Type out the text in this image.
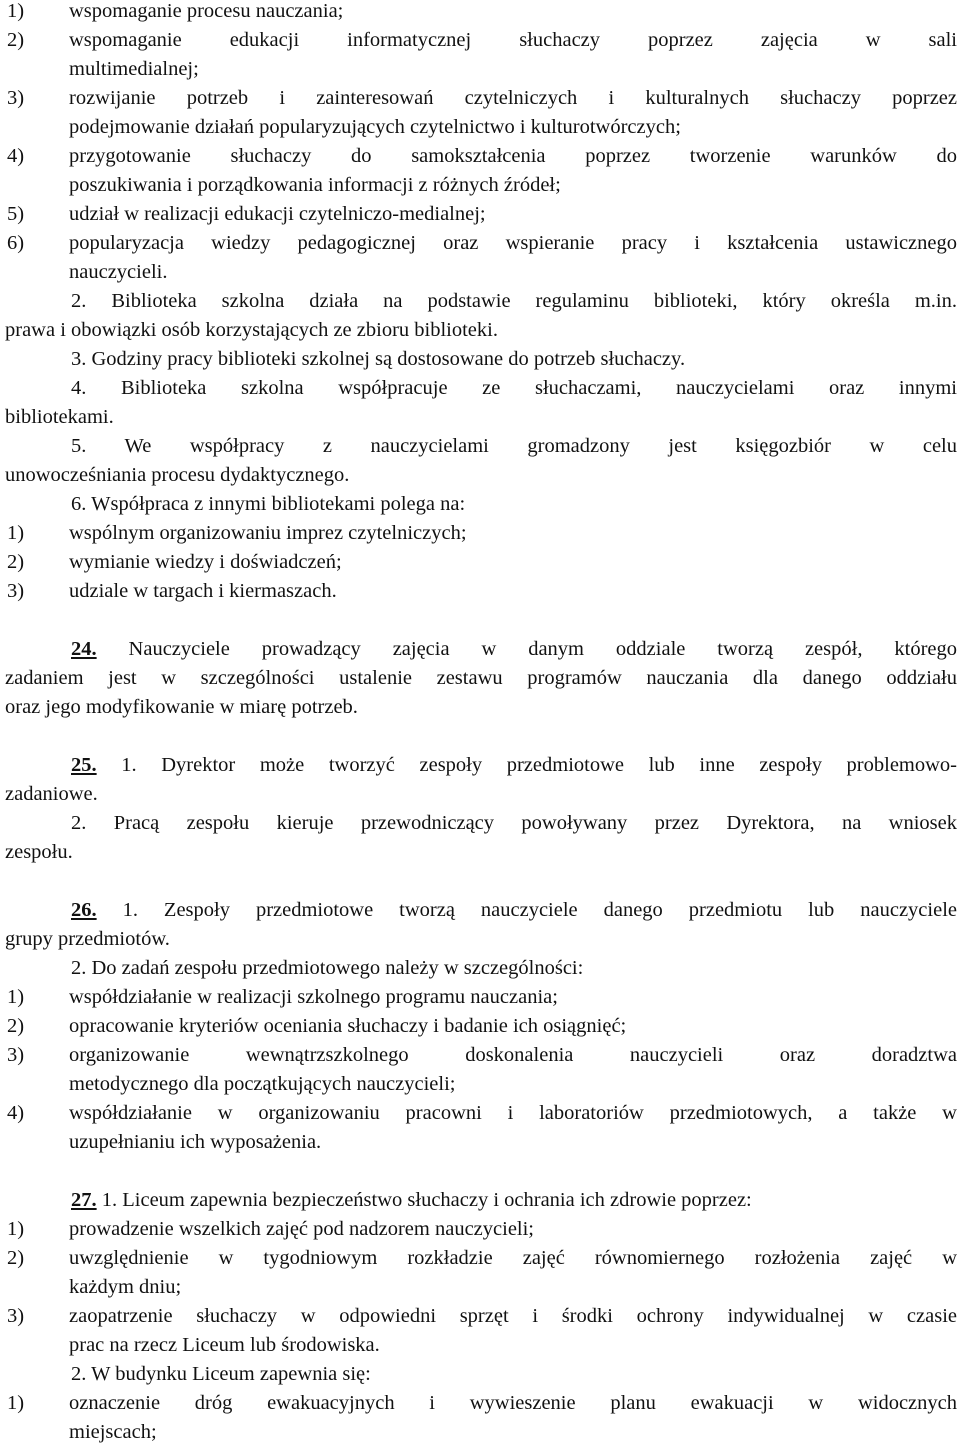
1) wspomaganie procesu nauczania;
2) wspomaganie edukacji informatycznej słuchaczy poprzez zajęcia w sali
multimedialnej;
3) rozwijanie potrzeb i zainteresowań czytelniczych i kulturalnych słuchaczy poprzez
podejmowanie działań popularyzujących czytelnictwo i kulturotwórczych;
4) przygotowanie słuchaczy do samokształcenia poprzez tworzenie warunków do
poszukiwania i porządkowania informacji z różnych źródeł;
5) udział w realizacji edukacji czytelniczo-medialnej;
6) popularyzacja wiedzy pedagogicznej oraz wspieranie pracy i kształcenia ustawicznego
nauczycieli.
2. Biblioteka szkolna działa na podstawie regulaminu biblioteki, który określa m.in.
prawa i obowiązki osób korzystających ze zbioru biblioteki.
3. Godziny pracy biblioteki szkolnej są dostosowane do potrzeb słuchaczy.
4. Biblioteka szkolna współpracuje ze słuchaczami, nauczycielami oraz innymi
bibliotekami.
5. We współpracy z nauczycielami gromadzony jest księgozbiór w celu
unowocześniania procesu dydaktycznego.
6. Współpraca z innymi bibliotekami polega na:
1) wspólnym organizowaniu imprez czytelniczych;
2) wymianie wiedzy i doświadczeń;
3) udziale w targach i kiermaszach.
24. Nauczyciele prowadzący zajęcia w danym oddziale tworzą zespół, którego
zadaniem jest w szczególności ustalenie zestawu programów nauczania dla danego oddziału
oraz jego modyfikowanie w miarę potrzeb.
25. 1. Dyrektor może tworzyć zespoły przedmiotowe lub inne zespoły problemowo-
zadaniowe.
2. Pracą zespołu kieruje przewodniczący powoływany przez Dyrektora, na wniosek
zespołu.
26. 1. Zespoły przedmiotowe tworzą nauczyciele danego przedmiotu lub nauczyciele
grupy przedmiotów.
2. Do zadań zespołu przedmiotowego należy w szczególności:
1) współdziałanie w realizacji szkolnego programu nauczania;
2) opracowanie kryteriów oceniania słuchaczy i badanie ich osiągnięć;
3) organizowanie wewnątrzszkolnego doskonalenia nauczycieli oraz doradztwa
metodycznego dla początkujących nauczycieli;
4) współdziałanie w organizowaniu pracowni i laboratoriów przedmiotowych, a także w
uzupełnianiu ich wyposażenia.
27. 1. Liceum zapewnia bezpieczeństwo słuchaczy i ochrania ich zdrowie poprzez:
1) prowadzenie wszelkich zajęć pod nadzorem nauczycieli;
2) uwzględnienie w tygodniowym rozkładzie zajęć równomiernego rozłożenia zajęć w
każdym dniu;
3) zaopatrzenie słuchaczy w odpowiedni sprzęt i środki ochrony indywidualnej w czasie
prac na rzecz Liceum lub środowiska.
2. W budynku Liceum zapewnia się:
1) oznaczenie dróg ewakuacyjnych i wywieszenie planu ewakuacji w widocznych
miejscach;
